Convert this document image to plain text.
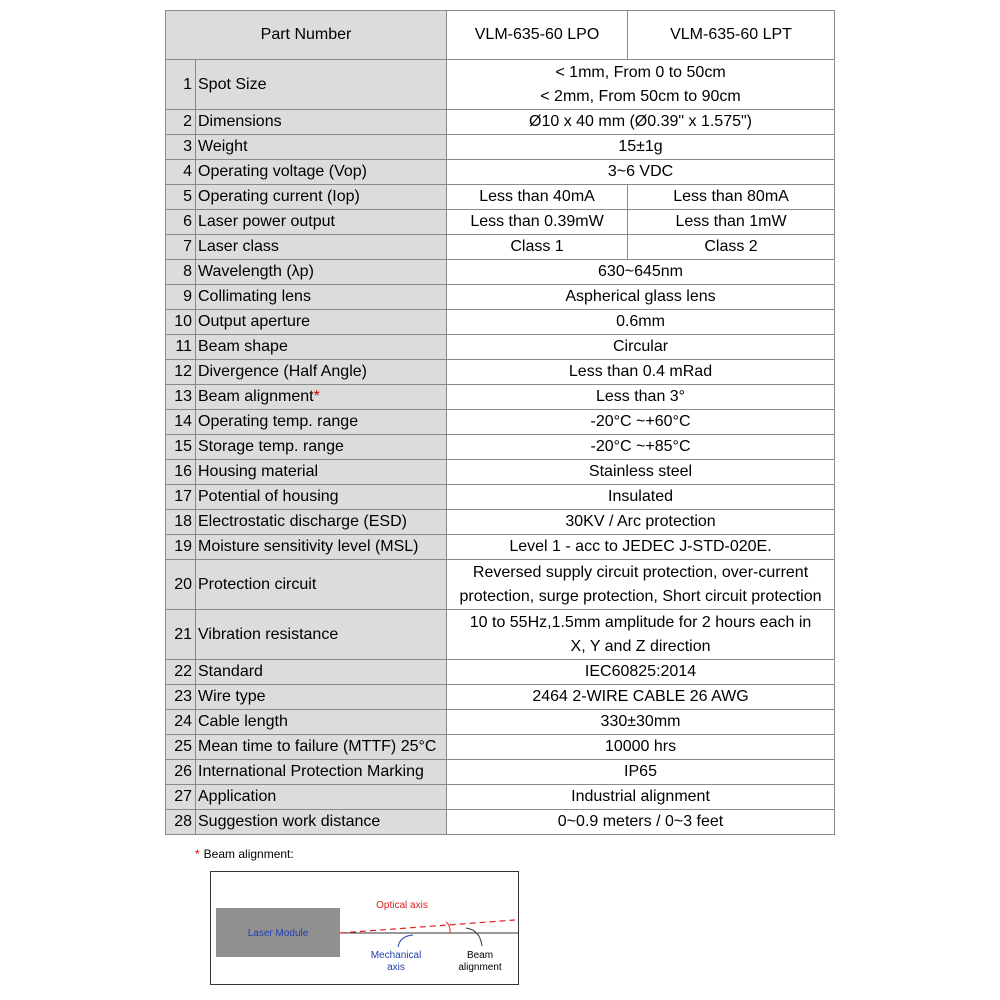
Part Number		VLM-635-60 LPO	VLM-635-60 LPT
1	Spot Size	< 1mm, From 0 to 50cm
< 2mm, From 50cm to 90cm	

2	Dimensions	Ø10 x 40 mm (Ø0.39" x 1.575")	
3	Weight	15±1g	
4	Operating voltage (Vop)	3~6 VDC	
5	Operating current (Iop)	Less than 40mA	Less than 80mA
6	Laser power output	Less than 0.39mW	Less than 1mW
7	Laser class	Class 1	Class 2
8	Wavelength (λp)	630~645nm	
9	Collimating lens	Aspherical glass lens	
10	Output aperture	0.6mm	
11	Beam shape	Circular	
12	Divergence (Half Angle)	Less than 0.4 mRad	
13	Beam alignment*	Less than 3°	
14	Operating temp. range	-20°C ~+60°C	
15	Storage temp. range	-20°C ~+85°C	
16	Housing material	Stainless steel	
17	Potential of housing	Insulated	
18	Electrostatic discharge (ESD)	30KV / Arc protection	
19	Moisture sensitivity level (MSL)	Level 1 - acc to JEDEC J-STD-020E.	
20	Protection circuit	Reversed supply circuit protection, over-current
protection, surge protection, Short circuit protection	

21	Vibration resistance	10 to 55Hz,1.5mm amplitude for 2 hours each in
X, Y and Z direction	

22	Standard	IEC60825:2014	
23	Wire type	2464 2-WIRE CABLE 26 AWG	
24	Cable length	330±30mm	
25	Mean time to failure (MTTF) 25°C	10000 hrs	
26	International Protection Marking	IP65	
27	Application	Industrial alignment	
28	Suggestion work distance	0~0.9 meters / 0~3 feet	
* Beam alignment:
Laser Module
Optical axis
Mechanical
axis
Beam
alignment
